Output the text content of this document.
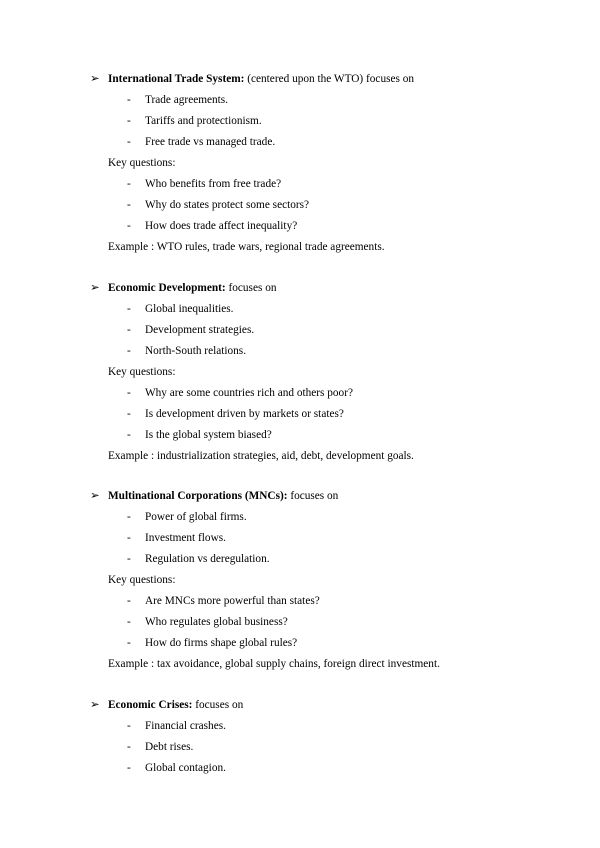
➢ International Trade System: (centered upon the WTO) focuses on
- Trade agreements.
- Tariffs and protectionism.
- Free trade vs managed trade.
Key questions:
- Who benefits from free trade?
- Why do states protect some sectors?
- How does trade affect inequality?
Example : WTO rules, trade wars, regional trade agreements.
➢ Economic Development: focuses on
- Global inequalities.
- Development strategies.
- North-South relations.
Key questions:
- Why are some countries rich and others poor?
- Is development driven by markets or states?
- Is the global system biased?
Example : industrialization strategies, aid, debt, development goals.
➢ Multinational Corporations (MNCs): focuses on
- Power of global firms.
- Investment flows.
- Regulation vs deregulation.
Key questions:
- Are MNCs more powerful than states?
- Who regulates global business?
- How do firms shape global rules?
Example : tax avoidance, global supply chains, foreign direct investment.
➢ Economic Crises: focuses on
- Financial crashes.
- Debt rises.
- Global contagion.
